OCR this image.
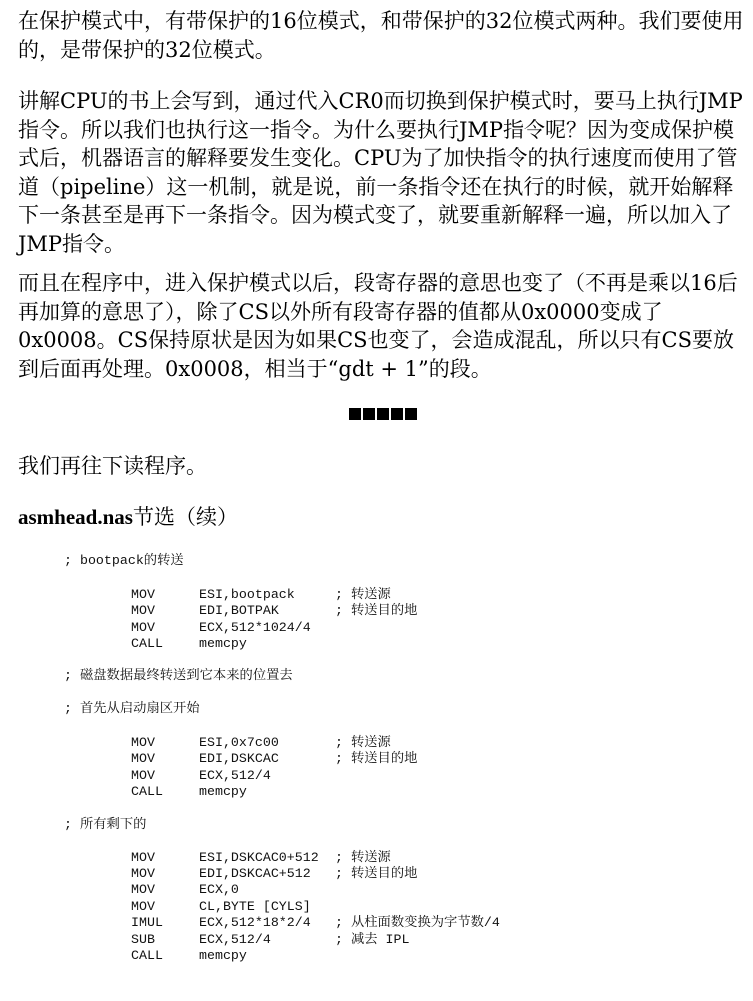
在保护模式中，有带保护的16位模式，和带保护的32位模式两种。我们要使用的，是带保护的32位模式。

讲解CPU的书上会写到，通过代入CR0而切换到保护模式时，要马上执行JMP指令。所以我们也执行这一指令。为什么要执行JMP指令呢？因为变成保护模式后，机器语言的解释要发生变化。CPU为了加快指令的执行速度而使用了管道（pipeline）这一机制，就是说，前一条指令还在执行的时候，就开始解释下一条甚至是再下一条指令。因为模式变了，就要重新解释一遍，所以加入了JMP指令。

而且在程序中，进入保护模式以后，段寄存器的意思也变了（不再是乘以16后再加算的意思了），除了CS以外所有段寄存器的值都从0x0000变成了0x0008。CS保持原状是因为如果CS也变了，会造成混乱，所以只有CS要放到后面再处理。0x0008，相当于“gdt + 1”的段。

我们再往下读程序。

asmhead.nas节选（续）

; bootpack的转送
MOV	ESI,bootpack	; 转送源
MOV	EDI,BOTPAK	; 转送目的地
MOV	ECX,512*1024/4
CALL	memcpy
; 磁盘数据最终转送到它本来的位置去
; 首先从启动扇区开始
MOV	ESI,0x7c00	; 转送源
MOV	EDI,DSKCAC	; 转送目的地
MOV	ECX,512/4
CALL	memcpy
; 所有剩下的
MOV	ESI,DSKCAC0+512 ; 转送源
MOV	EDI,DSKCAC+512 ; 转送目的地
MOV	ECX,0
MOV	CL,BYTE [CYLS]
IMUL	ECX,512*18*2/4 ; 从柱面数变换为字节数/4
SUB	ECX,512/4	; 减去 IPL
CALL	memcpy
